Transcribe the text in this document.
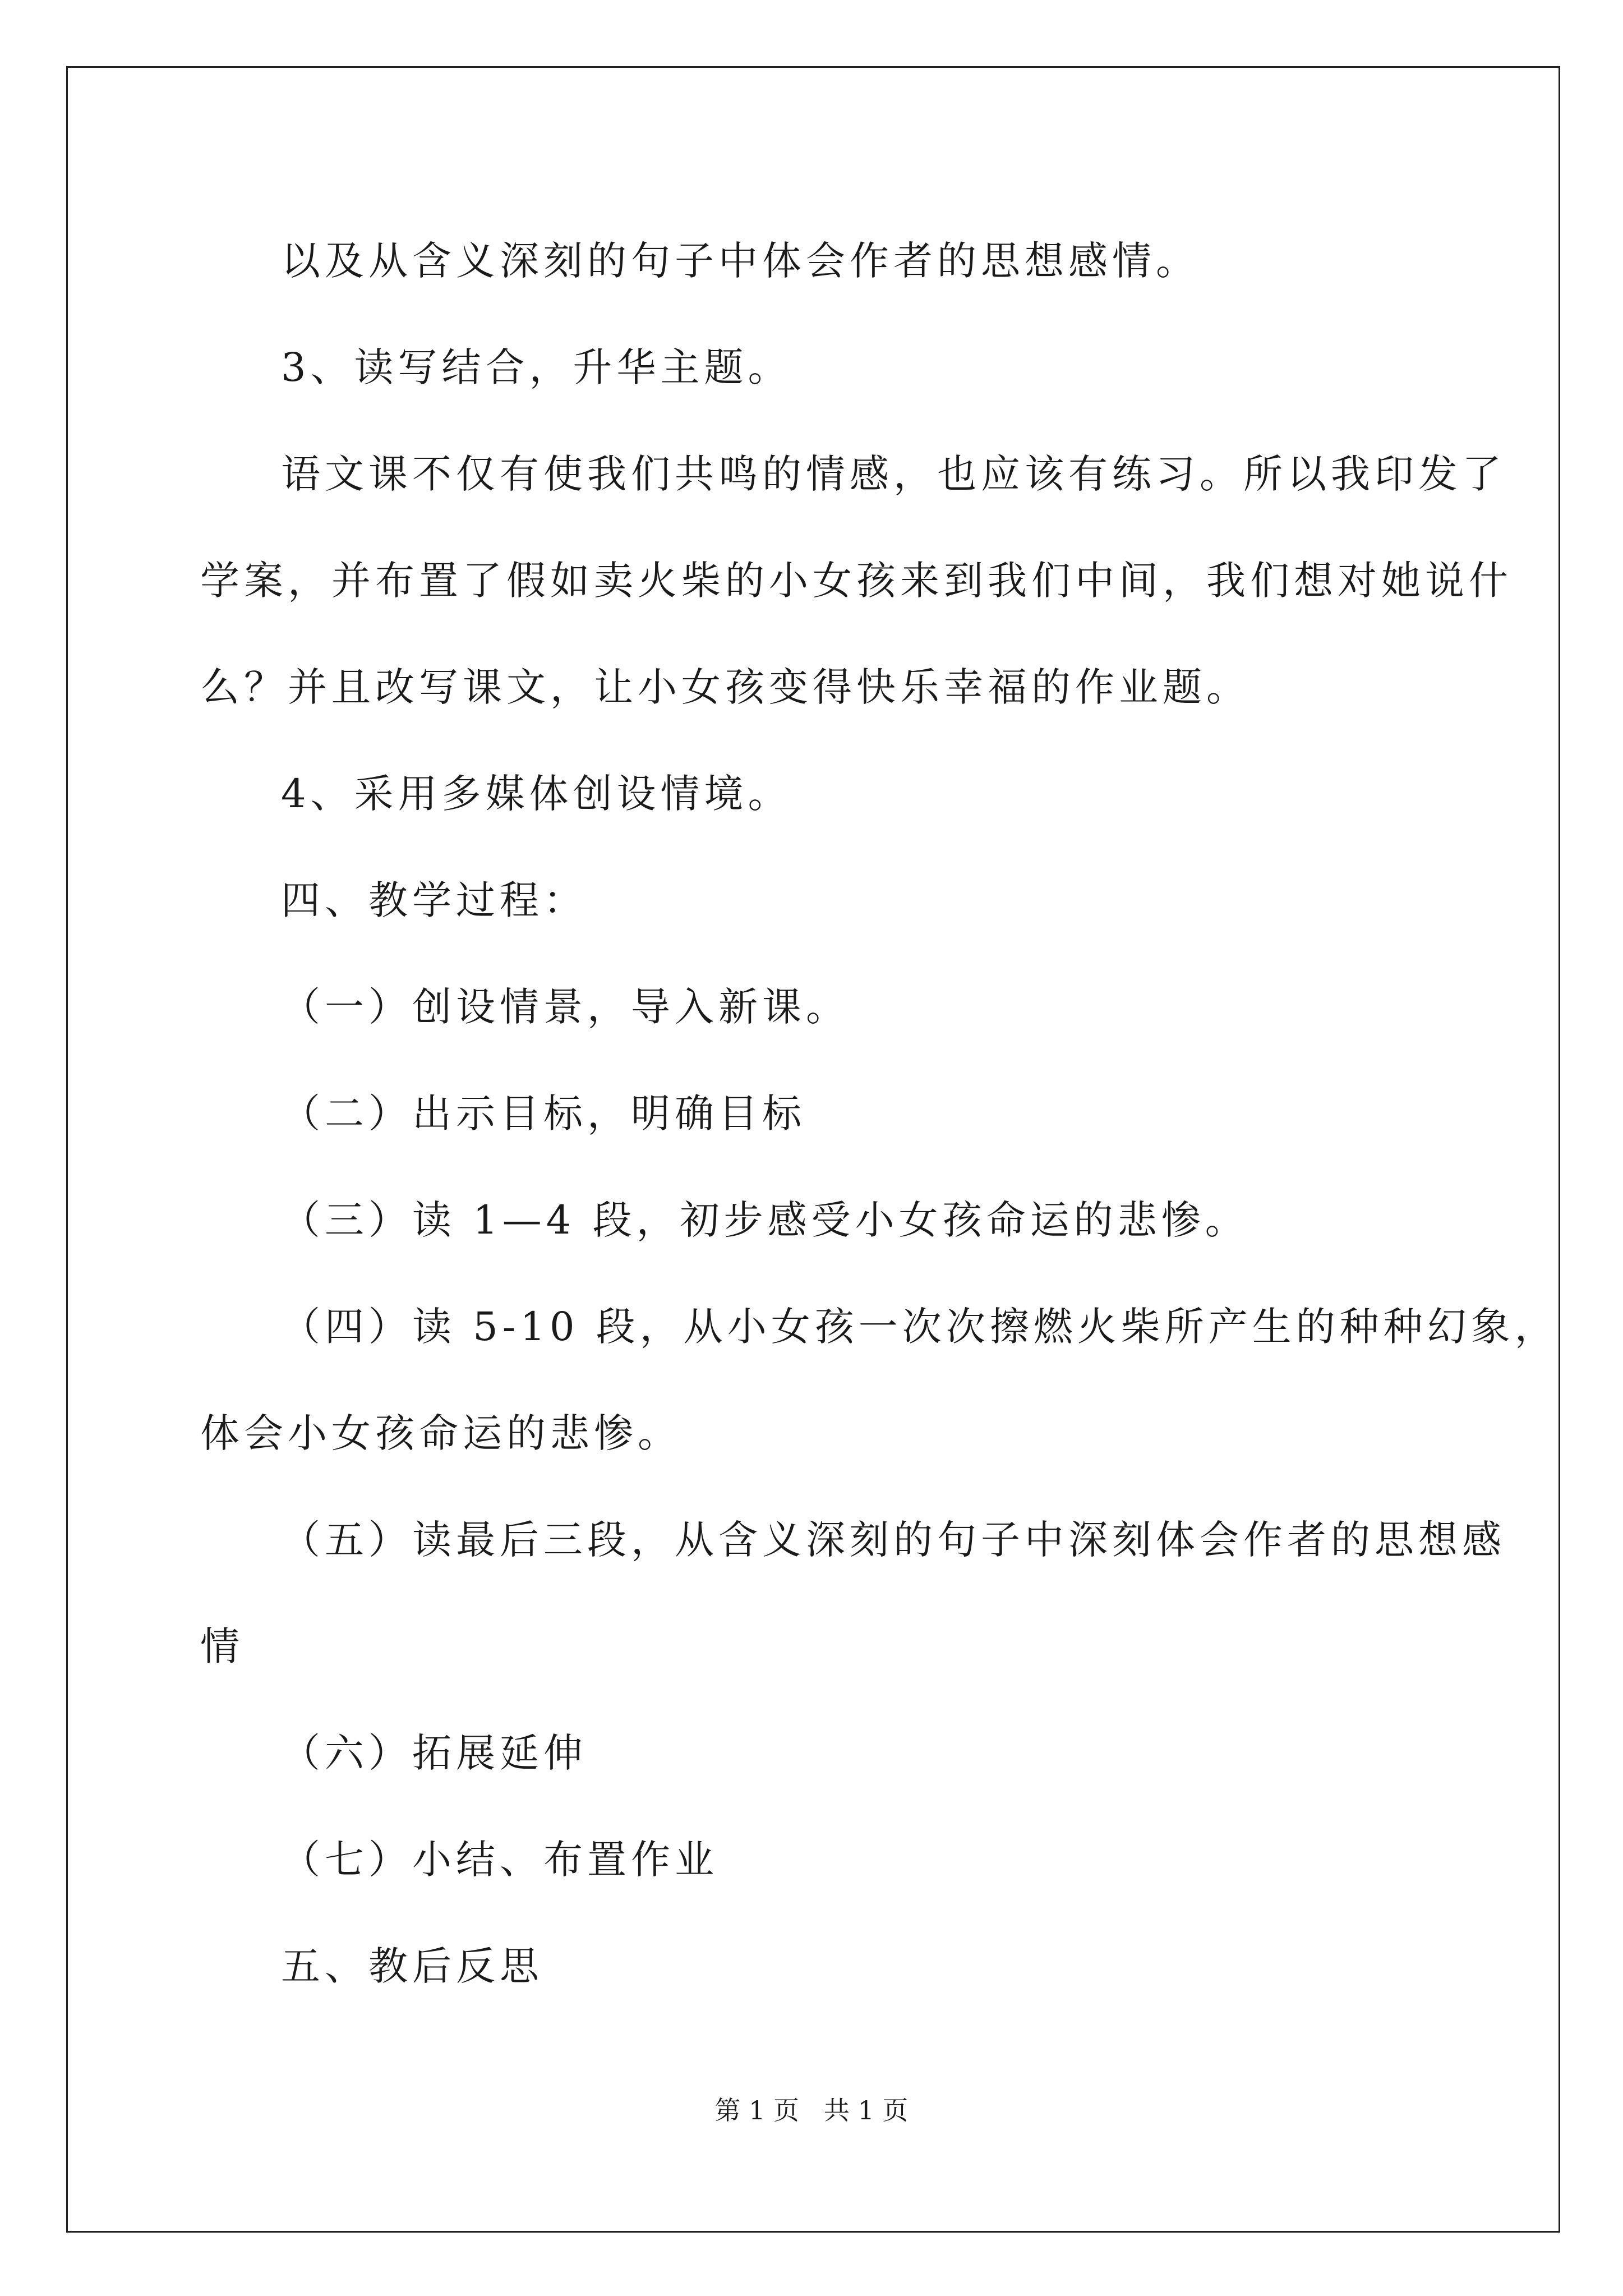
以及从含义深刻的句子中体会作者的思想感情。

3、读写结合，升华主题。

语文课不仅有使我们共鸣的情感，也应该有练习。所以我印发了

学案，并布置了假如卖火柴的小女孩来到我们中间，我们想对她说什

么？并且改写课文，让小女孩变得快乐幸福的作业题。

4、采用多媒体创设情境。

四、教学过程：

（一）创设情景，导入新课。

（二）出示目标，明确目标

（三）读 1—4 段，初步感受小女孩命运的悲惨。

（四）读 5-10 段，从小女孩一次次擦燃火柴所产生的种种幻象，

体会小女孩命运的悲惨。

（五）读最后三段，从含义深刻的句子中深刻体会作者的思想感

情

（六）拓展延伸

（七）小结、布置作业

五、教后反思

第 1 页   共 1 页
